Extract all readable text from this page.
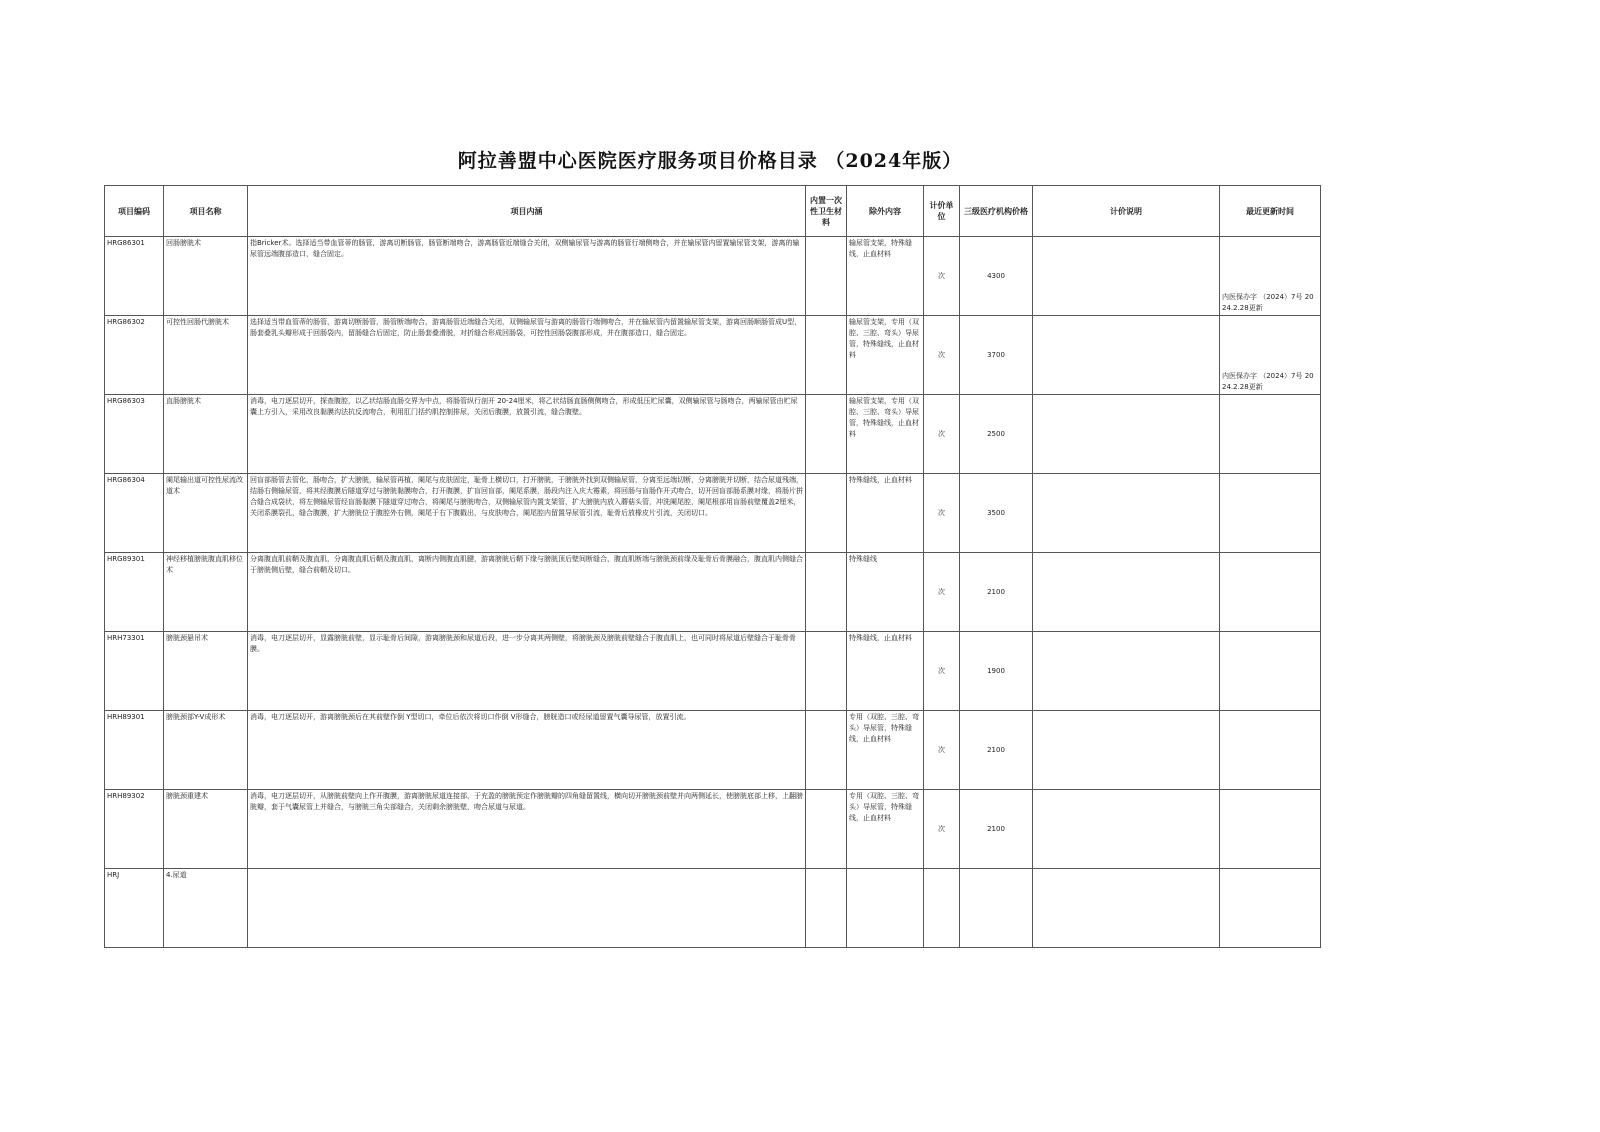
阿拉善盟中心医院医疗服务项目价格目录 （2024年版）
项目编码	项目名称	项目内涵	内置一次性卫生材料	除外内容	计价单位	三级医疗机构价格	计价说明	最近更新时间
HRG86301	回肠膀胱术	指Bricker术。选择适当带血管蒂的肠管，游离切断肠管，肠管断端吻合，游离肠管近端缝合关闭，双侧输尿管与游离的肠管行端侧吻合，并在输尿管内留置输尿管支架，游离的输尿管远端腹部造口，缝合固定。		输尿管支架，特殊缝线，止血材料	次	4300		内医保办字 （2024）7号 2024.2.28更新
HRG86302	可控性回肠代膀胱术	选择适当带血管蒂的肠管，游离切断肠管，肠管断端吻合，游离肠管近端缝合关闭，双侧输尿管与游离的肠管行端侧吻合，并在输尿管内留置输尿管支架，游离回肠顺肠管成U型，肠套叠乳头瓣形成于回肠袋内，留肠缝合后固定，防止肠套叠滑脱，对折缝合形成回肠袋，可控性回肠袋腹部形成，并在腹部造口，缝合固定。		输尿管支架，专用（双腔、三腔、弯头）导尿管，特殊缝线，止血材料	次	3700		内医保办字 （2024）7号 2024.2.28更新
HRG86303	直肠膀胱术	消毒，电刀逐层切开，探查腹腔，以乙状结肠直肠交界为中点，将肠管纵行剖开 20-24厘米，将乙状结肠直肠侧侧吻合，形成低压贮尿囊，双侧输尿管与肠吻合，两输尿管由贮尿囊上方引入，采用改良黏膜沟法抗反流吻合，利用肛门括约肌控制排尿，关闭后腹膜，放置引流，缝合腹壁。		输尿管支架，专用（双腔、三腔、弯头）导尿管，特殊缝线，止血材料	次	2500		
HRG86304	阑尾输出道可控性尿流改道术	回盲部肠管去管化，肠吻合，扩大膀胱，输尿管再植，阑尾与皮肤固定，耻骨上横切口，打开膀胱，于膀胱外找到双侧输尿管，分离至远端切断，分离膀胱并切断，结合尿道残端，结肠右侧输尿管，将其经腹膜后隧道穿过与膀胱黏膜吻合，打开腹膜，扩盲回盲部，阑尾系膜，肠段内注入庆大霉素，将回肠与盲肠作开式吻合，切开回盲部肠系膜对缘，将肠片拼合缝合成袋状，将左侧输尿管经盲肠黏膜下隧道穿过吻合，将阑尾与膀胱吻合，双侧输尿管内置支架管，扩大膀胱内放入蘑菇头管，冲洗阑尾腔，阑尾根部用盲肠前壁覆盖2厘米，关闭系膜裂孔，缝合腹膜，扩大膀胱位于腹腔外右侧，阑尾于右下腹戳出，与皮肤吻合，阑尾腔内留置导尿管引流，耻骨后放橡皮片引流，关闭切口。		特殊缝线，止血材料	次	3500		
HRG89301	神经移植膀胱腹直肌移位术	分离腹直肌前鞘及腹直肌，分离腹直肌后鞘及腹直肌，离断内侧腹直肌腱，游离膀胱后鞘下缘与膀胱顶后壁间断缝合，腹直肌断端与膀胱颈前缘及耻骨后骨膜融合，腹直肌内侧缝合于膀胱侧后壁，缝合前鞘及切口。		特殊缝线	次	2100		
HRH73301	膀胱颈悬吊术	消毒，电刀逐层切开，显露膀胱前壁，显示耻骨后间隙，游离膀胱颈和尿道后段，进一步分离其两侧壁，将膀胱颈及膀胱前壁缝合于腹直肌上，也可同时将尿道后壁缝合于耻骨骨膜。		特殊缝线，止血材料	次	1900		
HRH89301	膀胱颈部Y-V成形术	消毒，电刀逐层切开，游离膀胱颈后在其前壁作倒 Y型切口，牵位后依次将切口作倒 V形缝合，膀胱造口或经尿道留置气囊导尿管，放置引流。		专用（双腔、三腔、弯头）导尿管，特殊缝线，止血材料	次	2100		
HRH89302	膀胱颈重建术	消毒，电刀逐层切开，从膀胱前壁向上作开腹膜，游离膀胱尿道连接部，于充盈的膀胱预定作膀胱瓣的四角缝留置线，横向切开膀胱颈前壁并向两侧延长，使膀胱底部上移，上翻膀胱瓣，套于气囊尿管上并缝合，与膀胱三角尖部缝合，关闭剩余膀胱壁，吻合尿道与尿道。		专用（双腔、三腔、弯头）导尿管，特殊缝线，止血材料	次	2100		
HRJ	4.尿道							
